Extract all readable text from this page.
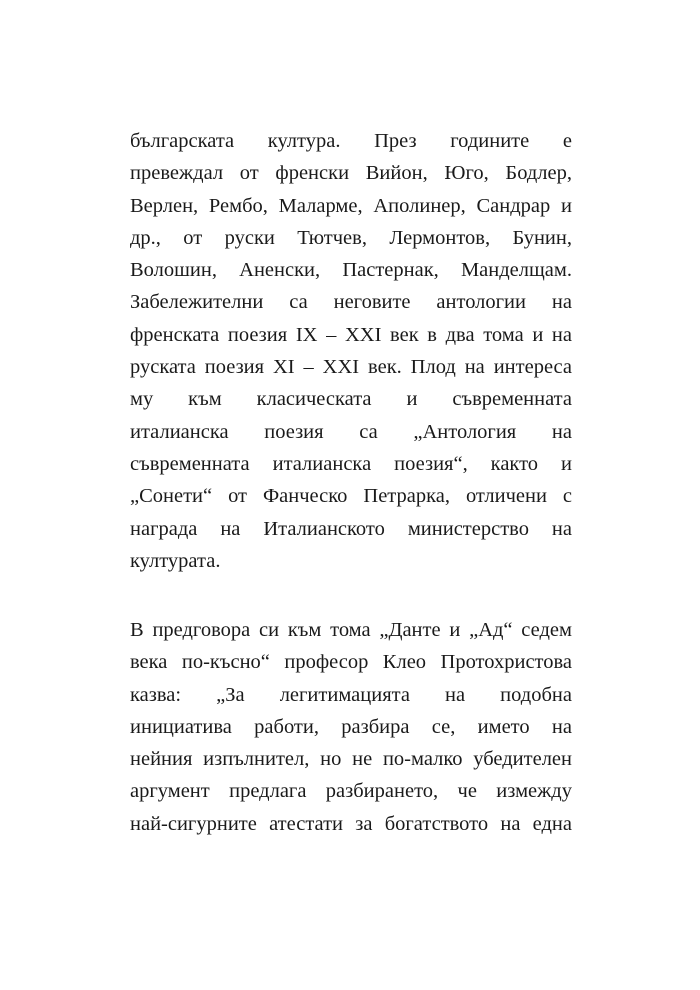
българската култура. През годините е
превеждал от френски Вийон, Юго, Бодлер,
Верлен, Рембо, Маларме, Аполинер, Сандрар и
др., от руски Тютчев, Лермонтов, Бунин,
Волошин, Аненски, Пастернак, Манделщам.
Забележителни са неговите антологии на
френската поезия IX – XXI век в два тома и на
руската поезия XI – XXI век. Плод на интереса
му към класическата и съвременната
италианска поезия са „Антология на
съвременната италианска поезия“, както и
„Сонети“ от Фанческо Петрарка, отличени с
награда на Италианското министерство на
културата.
В предговора си към тома „Данте и „Ад“ седем
века по-късно“ професор Клео Протохристова
казва: „За легитимацията на подобна
инициатива работи, разбира се, името на
нейния изпълнител, но не по-малко убедителен
аргумент предлага разбирането, че измежду
най-сигурните атестати за богатството на една
